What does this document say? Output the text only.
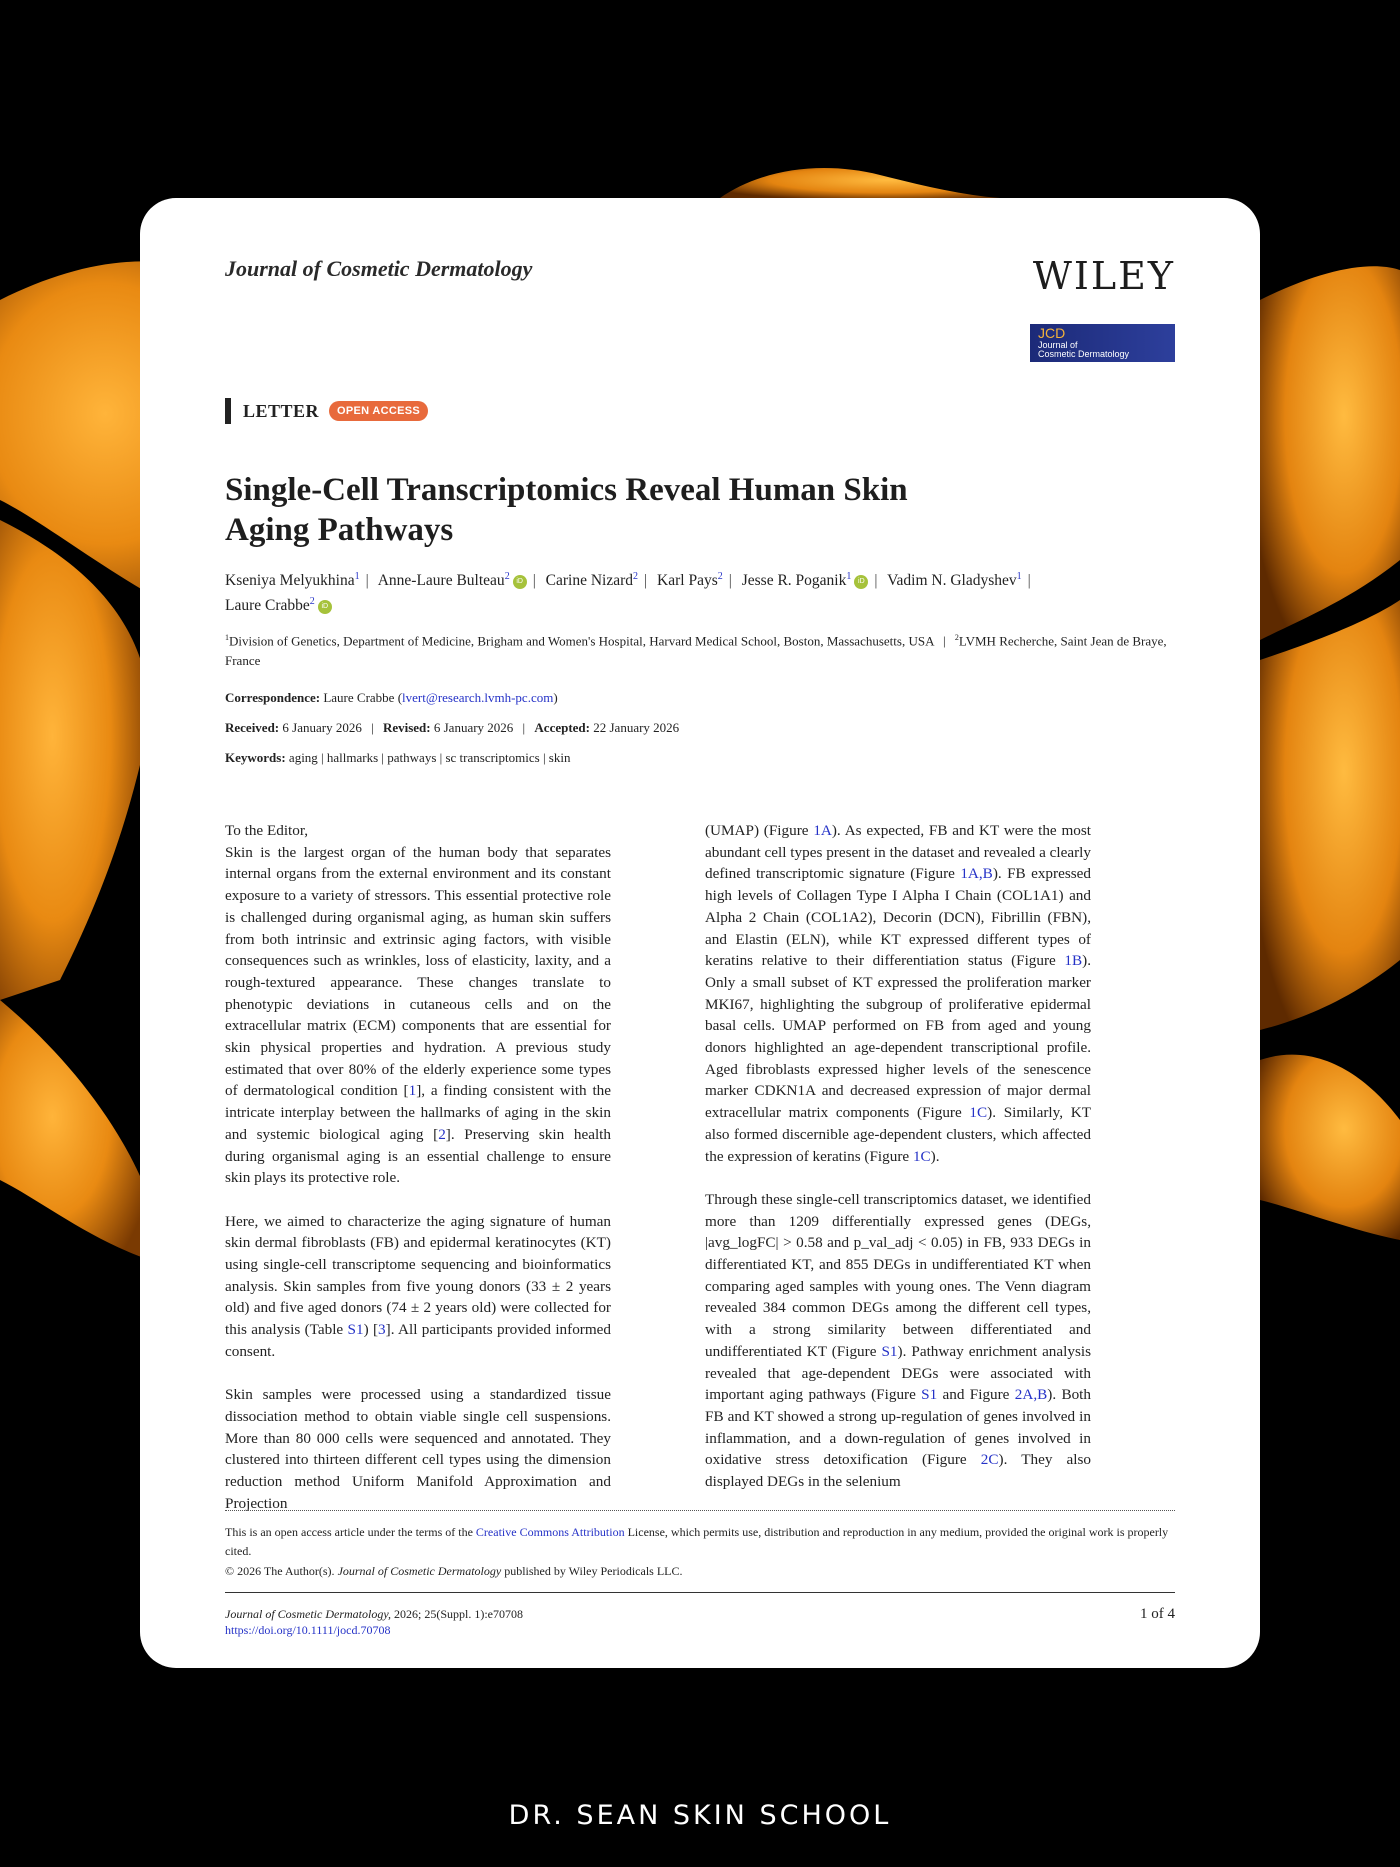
Journal of Cosmetic Dermatology	WILEY
JCD
Journal of
Cosmetic Dermatology
LETTER	OPEN ACCESS
Single-Cell Transcriptomics Reveal Human Skin
Aging Pathways
Kseniya Melyukhina$^1$ | Anne-Laure Bulteau$^2$ iD | Carine Nizard$^2$ | Karl Pays$^2$ | Jesse R. Poganik$^1$ iD | Vadim N. Gladyshev$^1$ |
Laure Crabbe$^2$ iD
$^1$Division of Genetics, Department of Medicine, Brigham and Women's Hospital, Harvard Medical School, Boston, Massachusetts, USA | $^2$LVMH Recherche, Saint Jean de Braye, France
Correspondence: Laure Crabbe (lvert@research.lvmh-pc.com)
Received: 6 January 2026 | Revised: 6 January 2026 | Accepted: 22 January 2026
Keywords: aging | hallmarks | pathways | sc transcriptomics | skin

To the Editor,

Skin is the largest organ of the human body that separates internal organs from the external environment and its constant exposure to a variety of stressors. This essential protective role is challenged during organismal aging, as human skin suffers from both intrinsic and extrinsic aging factors, with visible consequences such as wrinkles, loss of elasticity, laxity, and a rough-textured appearance. These changes translate to phenotypic deviations in cutaneous cells and on the extracellular matrix (ECM) components that are essential for skin physical properties and hydration. A previous study estimated that over 80% of the elderly experience some types of dermatological condition [1], a finding consistent with the intricate interplay between the hallmarks of aging in the skin and systemic biological aging [2]. Preserving skin health during organismal aging is an essential challenge to ensure skin plays its protective role.

Here, we aimed to characterize the aging signature of human skin dermal fibroblasts (FB) and epidermal keratinocytes (KT) using single-cell transcriptome sequencing and bioinformatics analysis. Skin samples from five young donors (33 ± 2 years old) and five aged donors (74 ± 2 years old) were collected for this analysis (Table S1) [3]. All participants provided informed consent.

Skin samples were processed using a standardized tissue dissociation method to obtain viable single cell suspensions. More than 80 000 cells were sequenced and annotated. They clustered into thirteen different cell types using the dimension reduction method Uniform Manifold Approximation and Projection

(UMAP) (Figure 1A). As expected, FB and KT were the most abundant cell types present in the dataset and revealed a clearly defined transcriptomic signature (Figure 1A,B). FB expressed high levels of Collagen Type I Alpha I Chain (COL1A1) and Alpha 2 Chain (COL1A2), Decorin (DCN), Fibrillin (FBN), and Elastin (ELN), while KT expressed different types of keratins relative to their differentiation status (Figure 1B). Only a small subset of KT expressed the proliferation marker MKI67, highlighting the subgroup of proliferative epidermal basal cells. UMAP performed on FB from aged and young donors highlighted an age-dependent transcriptional profile. Aged fibroblasts expressed higher levels of the senescence marker CDKN1A and decreased expression of major dermal extracellular matrix components (Figure 1C). Similarly, KT also formed discernible age-dependent clusters, which affected the expression of keratins (Figure 1C).

Through these single-cell transcriptomics dataset, we identified more than 1209 differentially expressed genes (DEGs, |avg_logFC| > 0.58 and p_val_adj < 0.05) in FB, 933 DEGs in differentiated KT, and 855 DEGs in undifferentiated KT when comparing aged samples with young ones. The Venn diagram revealed 384 common DEGs among the different cell types, with a strong similarity between differentiated and undifferentiated KT (Figure S1). Pathway enrichment analysis revealed that age-dependent DEGs were associated with important aging pathways (Figure S1 and Figure 2A,B). Both FB and KT showed a strong up-regulation of genes involved in inflammation, and a down-regulation of genes involved in oxidative stress detoxification (Figure 2C). They also displayed DEGs in the selenium

This is an open access article under the terms of the Creative Commons Attribution License, which permits use, distribution and reproduction in any medium, provided the original work is properly cited.
© 2026 The Author(s). Journal of Cosmetic Dermatology published by Wiley Periodicals LLC.
Journal of Cosmetic Dermatology, 2026; 25(Suppl. 1):e70708
https://doi.org/10.1111/jocd.70708
1 of 4
DR. SEAN SKIN SCHOOL
